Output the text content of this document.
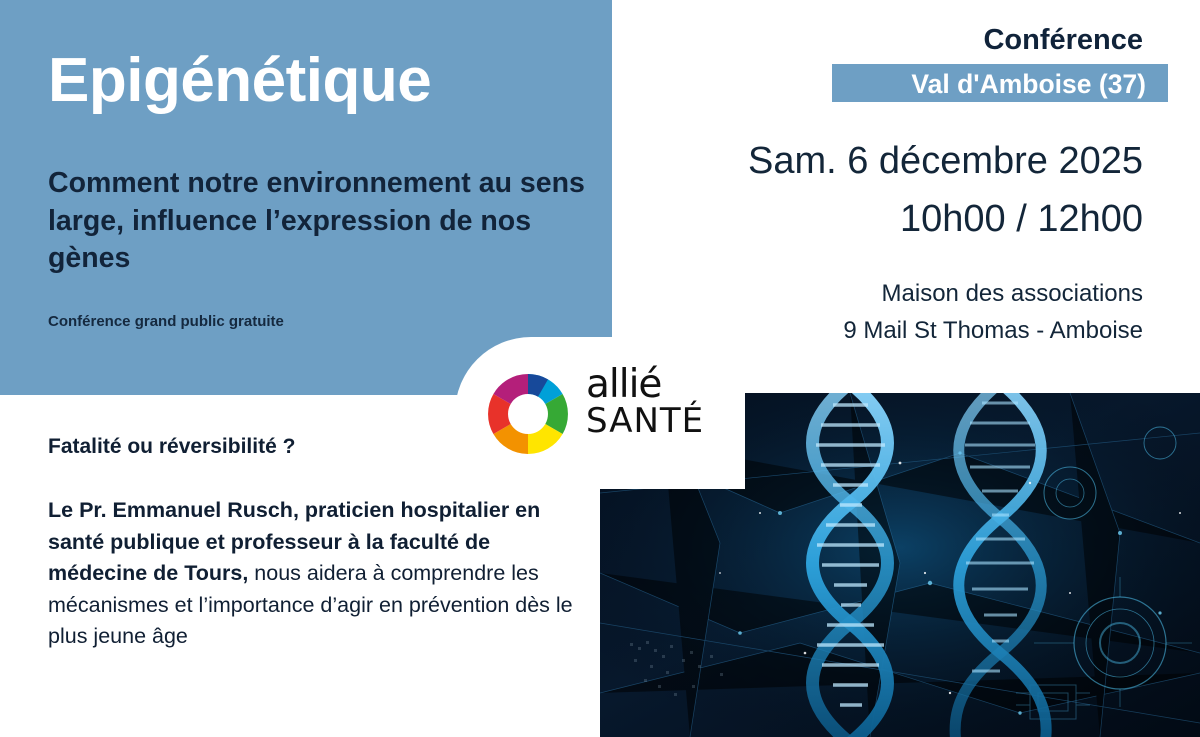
Epigénétique
Comment notre environnement au sens large, influence l’expression de nos gènes
Conférence grand public gratuite
Conférence
Val d'Amboise (37)
Sam. 6 décembre 2025
10h00 / 12h00
Maison des associations
9 Mail St Thomas - Amboise
Fatalité ou réversibilité ?
Le Pr. Emmanuel Rusch, praticien hospitalier en santé publique et professeur à la faculté de médecine de Tours, nous aidera à comprendre les mécanismes et l’importance d’agir en prévention dès le plus jeune âge
allié
SANTÉ
